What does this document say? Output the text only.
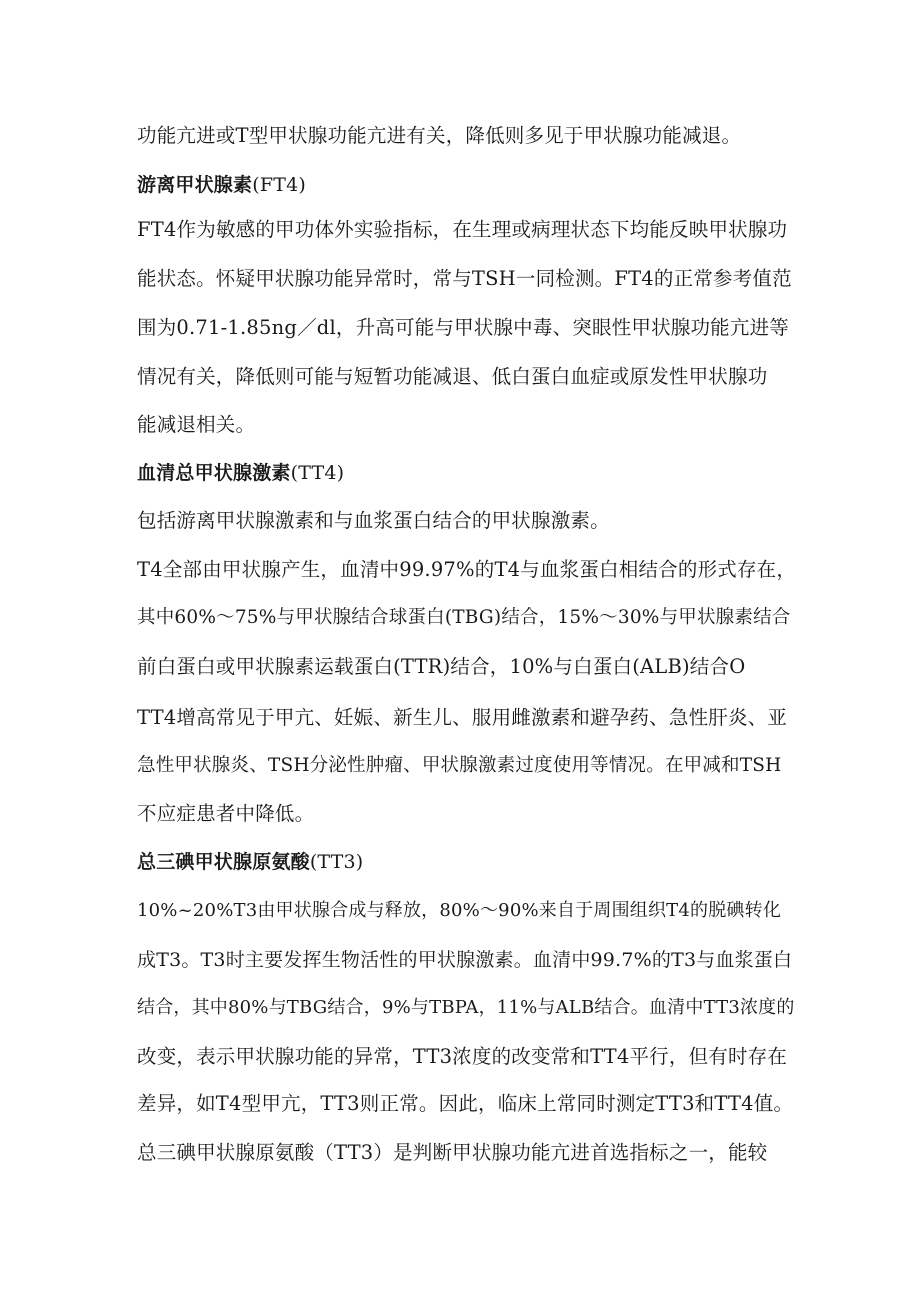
功能亢进或T型甲状腺功能亢进有关，降低则多见于甲状腺功能减退。
游离甲状腺素(FT4)
FT4作为敏感的甲功体外实验指标，在生理或病理状态下均能反映甲状腺功
能状态。怀疑甲状腺功能异常时，常与TSH一同检测。FT4的正常参考值范
围为0.71-1.85ng／dl，升高可能与甲状腺中毒、突眼性甲状腺功能亢进等
情况有关，降低则可能与短暂功能减退、低白蛋白血症或原发性甲状腺功
能减退相关。
血清总甲状腺激素(TT4)
包括游离甲状腺激素和与血浆蛋白结合的甲状腺激素。
T4全部由甲状腺产生，血清中99.97%的T4与血浆蛋白相结合的形式存在，
其中60%～75%与甲状腺结合球蛋白(TBG)结合，15%～30%与甲状腺素结合
前白蛋白或甲状腺素运载蛋白(TTR)结合，10%与白蛋白(ALB)结合O
TT4增高常见于甲亢、妊娠、新生儿、服用雌激素和避孕药、急性肝炎、亚
急性甲状腺炎、TSH分泌性肿瘤、甲状腺激素过度使用等情况。在甲减和TSH
不应症患者中降低。
总三碘甲状腺原氨酸(TT3)
10%~20%T3由甲状腺合成与释放，80%～90%来自于周围组织T4的脱碘转化
成T3。T3时主要发挥生物活性的甲状腺激素。血清中99.7%的T3与血浆蛋白
结合，其中80%与TBG结合，9%与TBPA，11%与ALB结合。血清中TT3浓度的
改变，表示甲状腺功能的异常，TT3浓度的改变常和TT4平行，但有时存在
差异，如T4型甲亢，TT3则正常。因此，临床上常同时测定TT3和TT4值。
总三碘甲状腺原氨酸（TT3）是判断甲状腺功能亢进首选指标之一，能较
